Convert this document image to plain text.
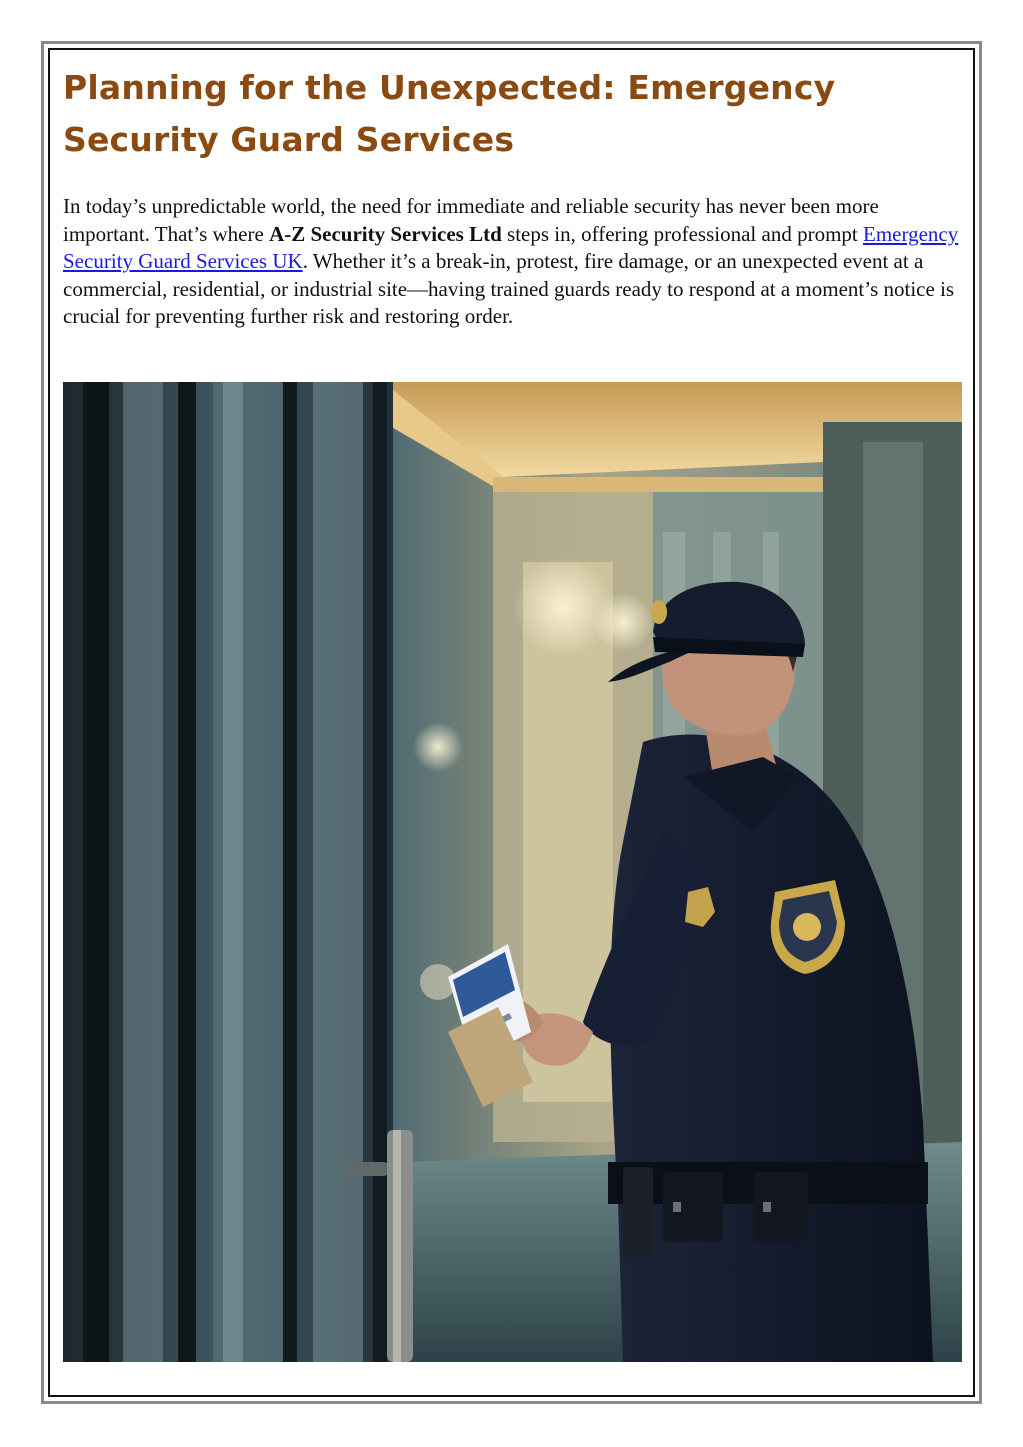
Planning for the Unexpected: Emergency Security Guard Services

In today’s unpredictable world, the need for immediate and reliable security has never been more important. That’s where A-Z Security Services Ltd steps in, offering professional and prompt Emergency Security Guard Services UK. Whether it’s a break-in, protest, fire damage, or an unexpected event at a commercial, residential, or industrial site—having trained guards ready to respond at a moment’s notice is crucial for preventing further risk and restoring order.
